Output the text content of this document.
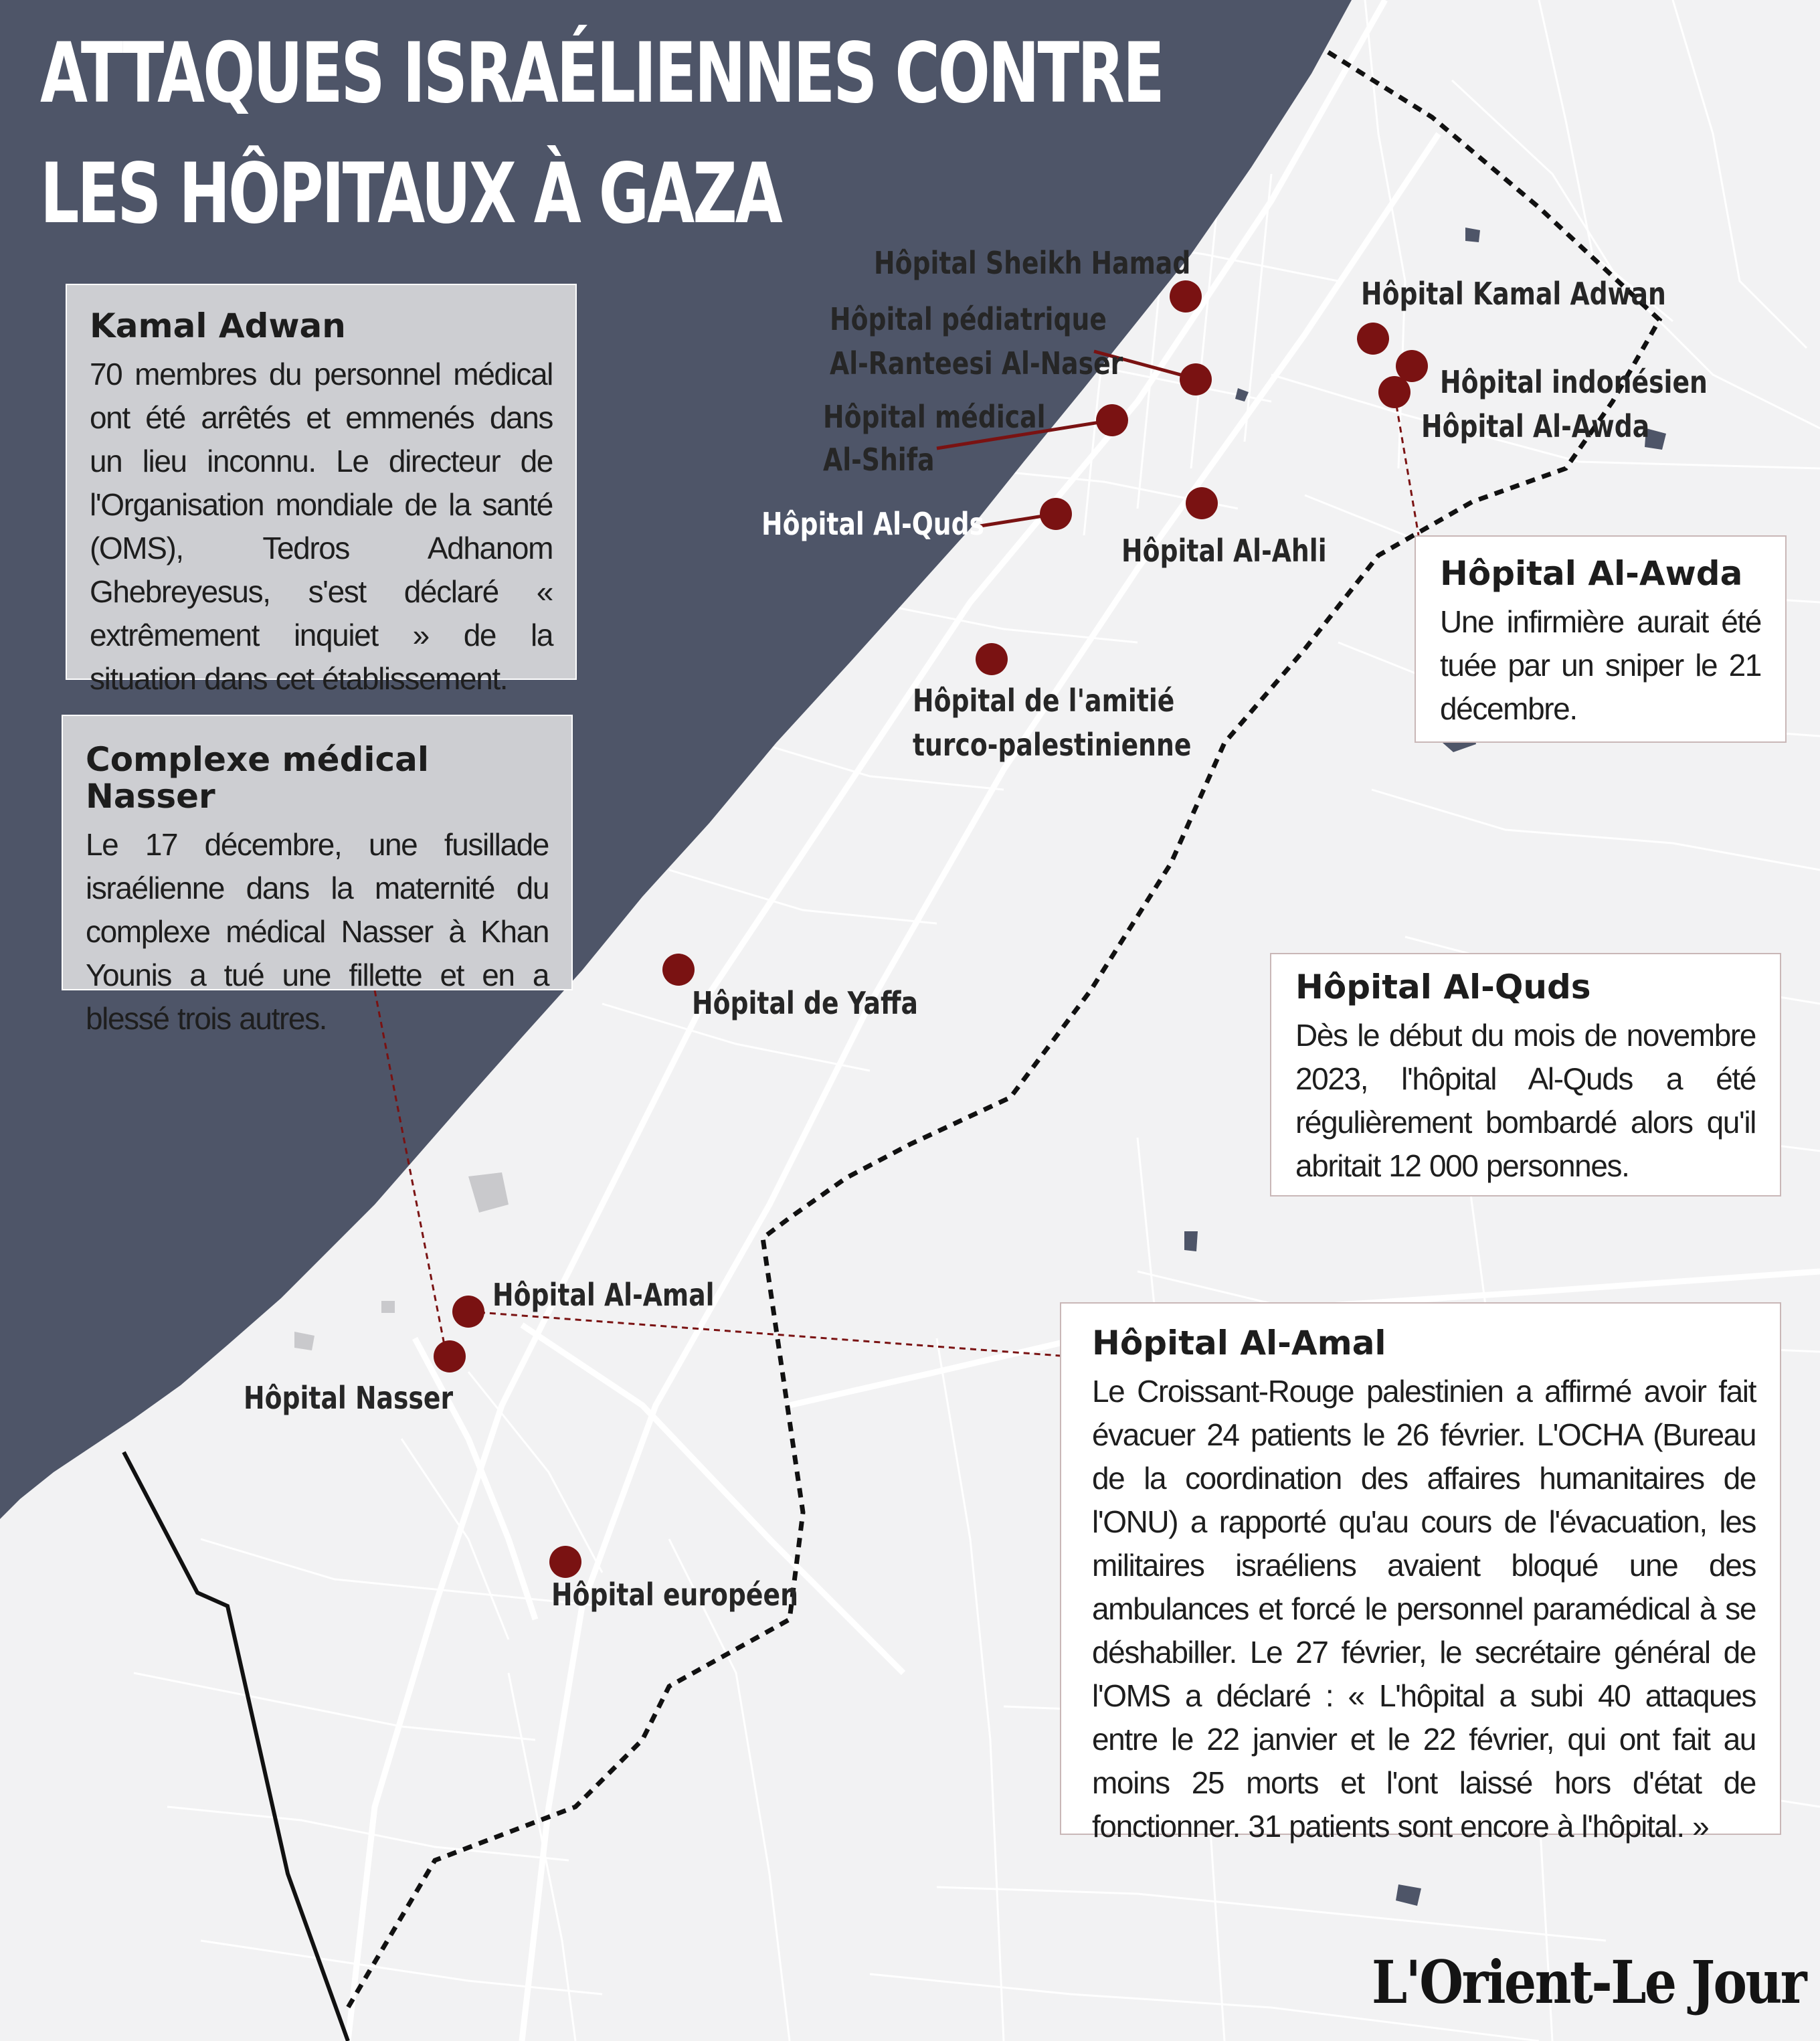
ATTAQUES ISRAÉLIENNES CONTRE
LES HÔPITAUX À GAZA
Kamal Adwan

70 membres du personnel médical ont été arrêtés et emmenés dans un lieu inconnu. Le directeur de l'Organisation mondiale de la santé (OMS), Tedros Adhanom Ghebreyesus, s'est déclaré « extrêmement inquiet » de la situation dans cet établissement.

Complexe médical Nasser

Le 17 décembre, une fusillade israélienne dans la maternité du complexe médical Nasser à Khan Younis a tué une fillette et en a blessé trois autres.

Hôpital Al-Awda

Une infirmière aurait été tuée par un sniper le 21 décembre.

Hôpital Al-Quds

Dès le début du mois de novembre 2023, l'hôpital Al-Quds a été régulièrement bombardé alors qu'il abritait 12 000 personnes.

Hôpital Al-Amal

Le Croissant-Rouge palestinien a affirmé avoir fait évacuer 24 patients le 26 février. L'OCHA (Bureau de la coordination des affaires humanitaires de l'ONU) a rapporté qu'au cours de l'évacuation, les militaires israéliens avaient bloqué une des ambulances et forcé le personnel paramédical à se déshabiller. Le 27 février, le secrétaire général de l'OMS a déclaré : « L'hôpital a subi 40 attaques entre le 22 janvier et le 22 février, qui ont fait au moins 25 morts et l'ont laissé hors d'état de fonctionner. 31 patients sont encore à l'hôpital. »

Hôpital Sheikh Hamad
Hôpital pédiatrique
Al-Ranteesi Al-Naser
Hôpital médical
Al-Shifa
Hôpital Al-Quds
Hôpital Al-Ahli
Hôpital Kamal Adwan
Hôpital indonésien
Hôpital Al-Awda
Hôpital de l'amitié
turco-palestinienne
Hôpital de Yaffa
Hôpital Al-Amal
Hôpital Nasser
Hôpital européen
L'Orient-Le Jour
